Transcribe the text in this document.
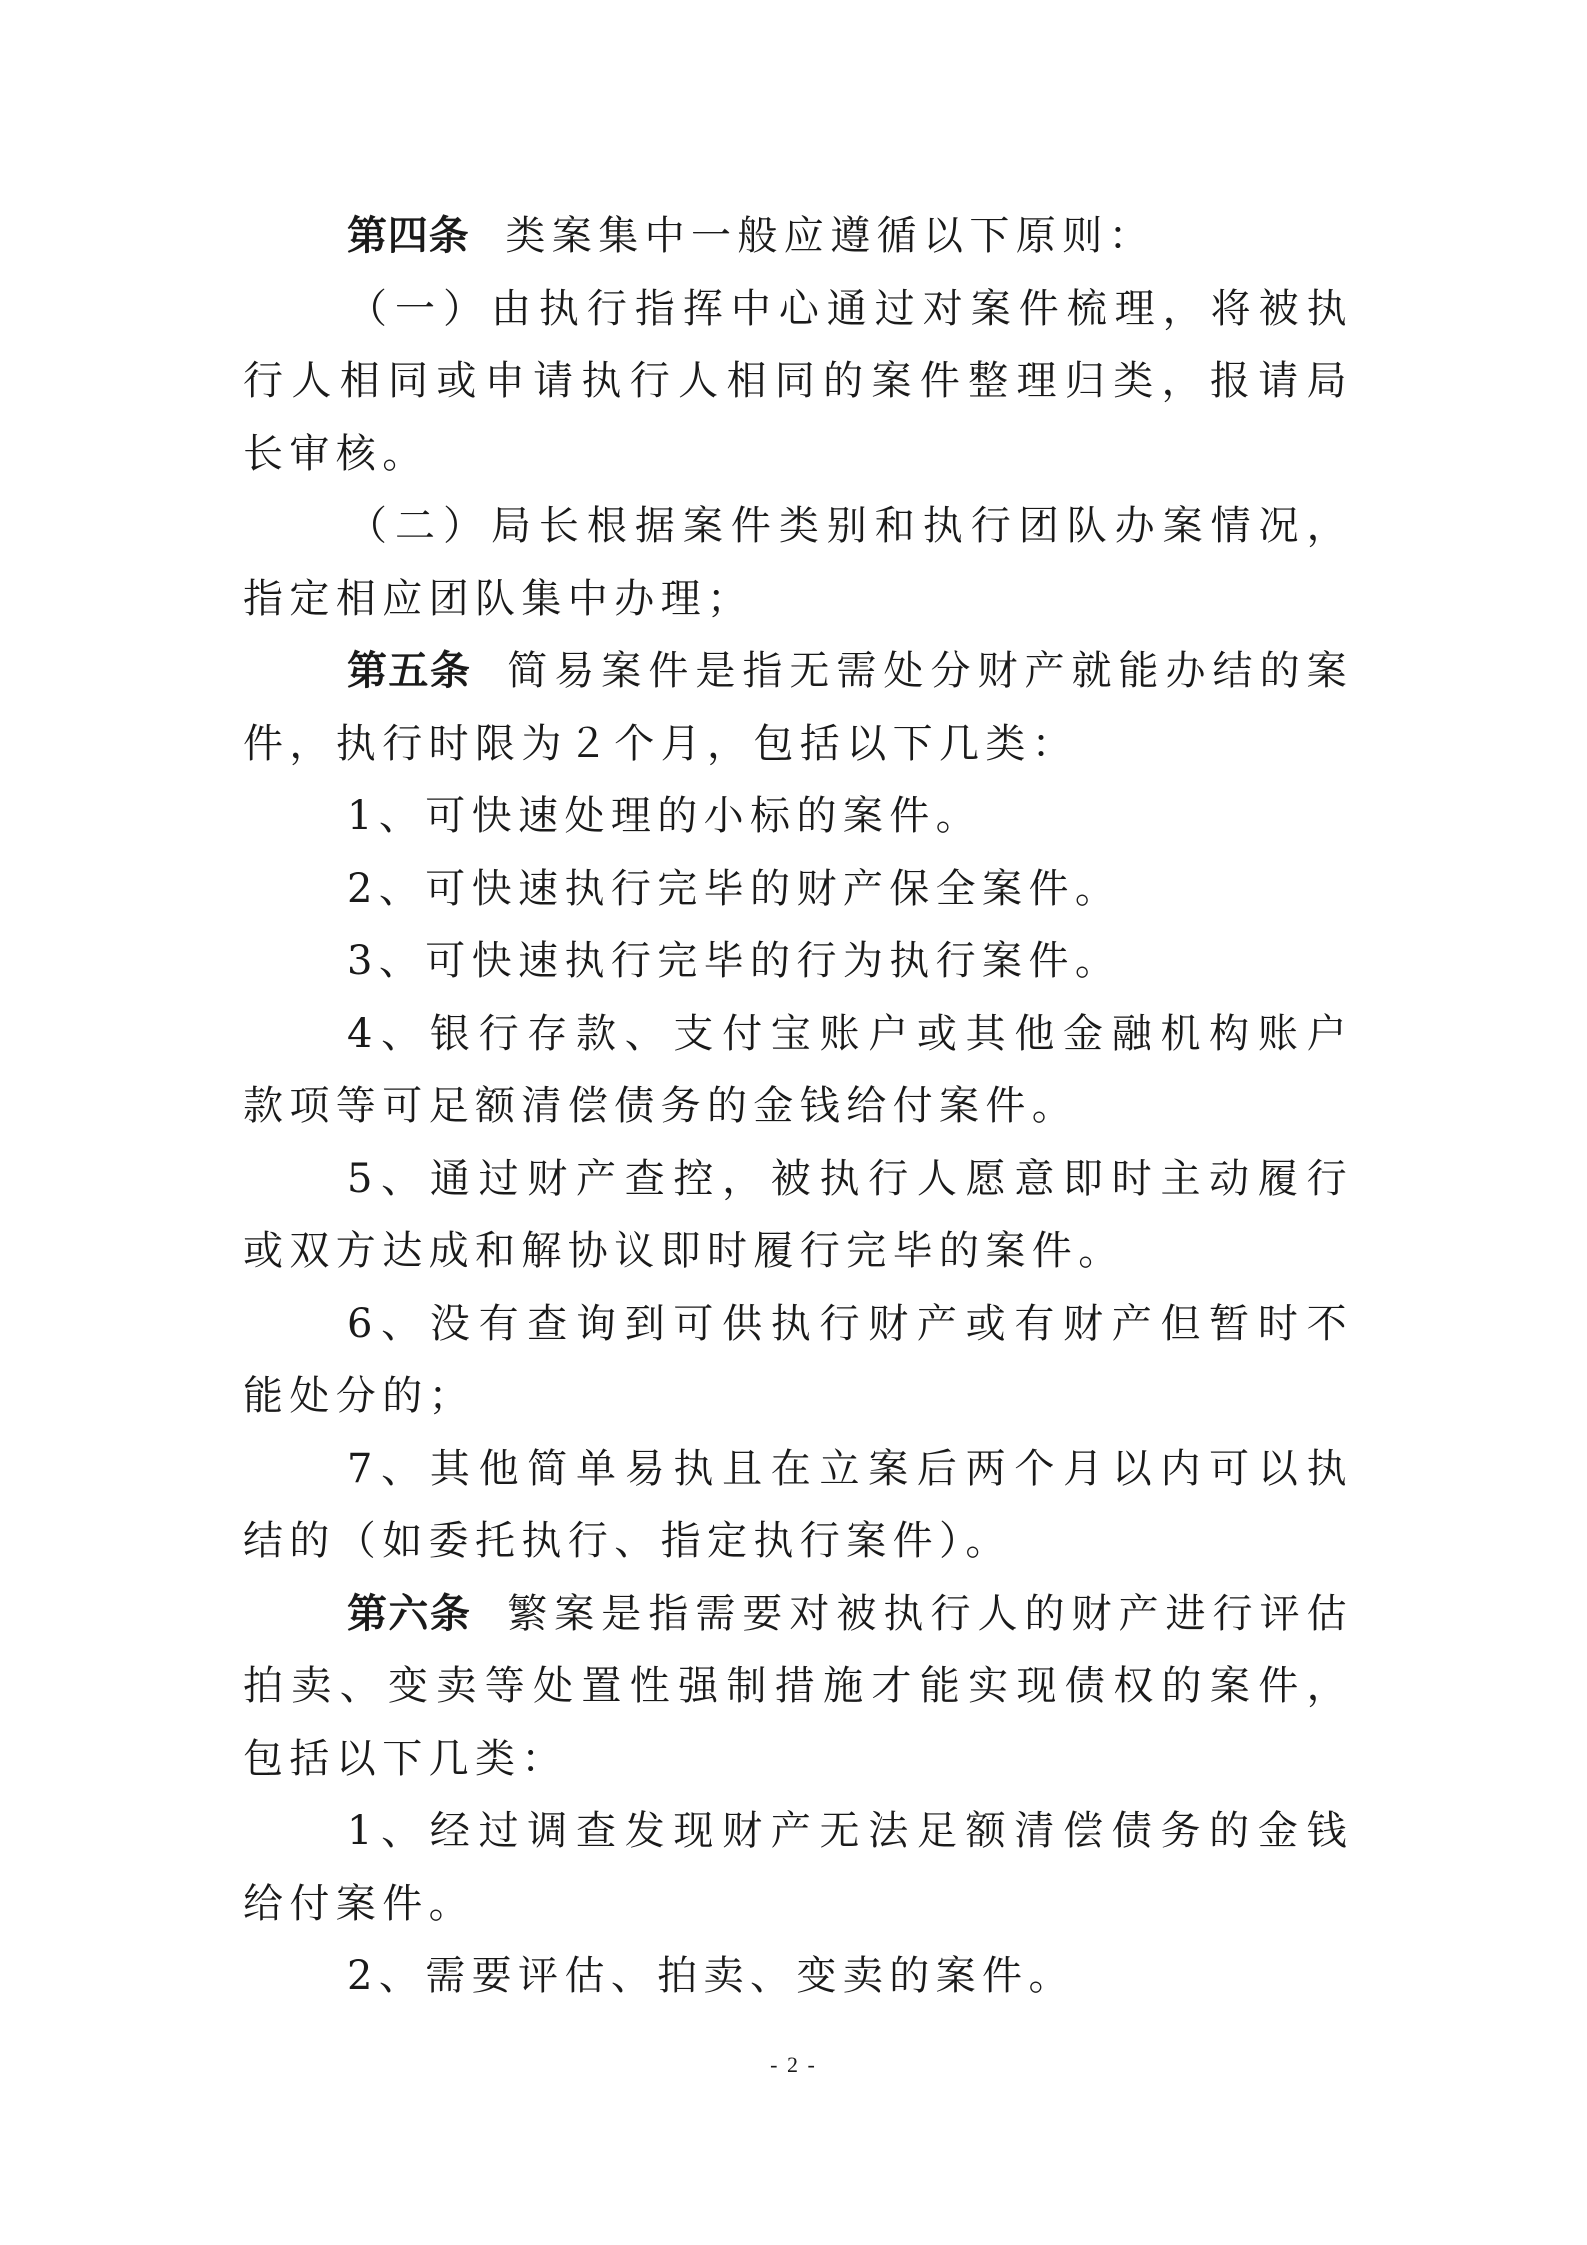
第四条 类案集中一般应遵循以下原则：

（一）由执行指挥中心通过对案件梳理，将被执行人相同或申请执行人相同的案件整理归类，报请局长审核。

（二）局长根据案件类别和执行团队办案情况，指定相应团队集中办理；

第五条 简易案件是指无需处分财产就能办结的案件，执行时限为２个月，包括以下几类：

1、可快速处理的小标的案件。

2、可快速执行完毕的财产保全案件。

3、可快速执行完毕的行为执行案件。

4、银行存款、支付宝账户或其他金融机构账户款项等可足额清偿债务的金钱给付案件。

5、通过财产查控，被执行人愿意即时主动履行或双方达成和解协议即时履行完毕的案件。

6、没有查询到可供执行财产或有财产但暂时不能处分的；

7、其他简单易执且在立案后两个月以内可以执结的（如委托执行、指定执行案件）。

第六条 繁案是指需要对被执行人的财产进行评估拍卖、变卖等处置性强制措施才能实现债权的案件，包括以下几类：

1、经过调查发现财产无法足额清偿债务的金钱给付案件。

2、需要评估、拍卖、变卖的案件。

- 2 -
